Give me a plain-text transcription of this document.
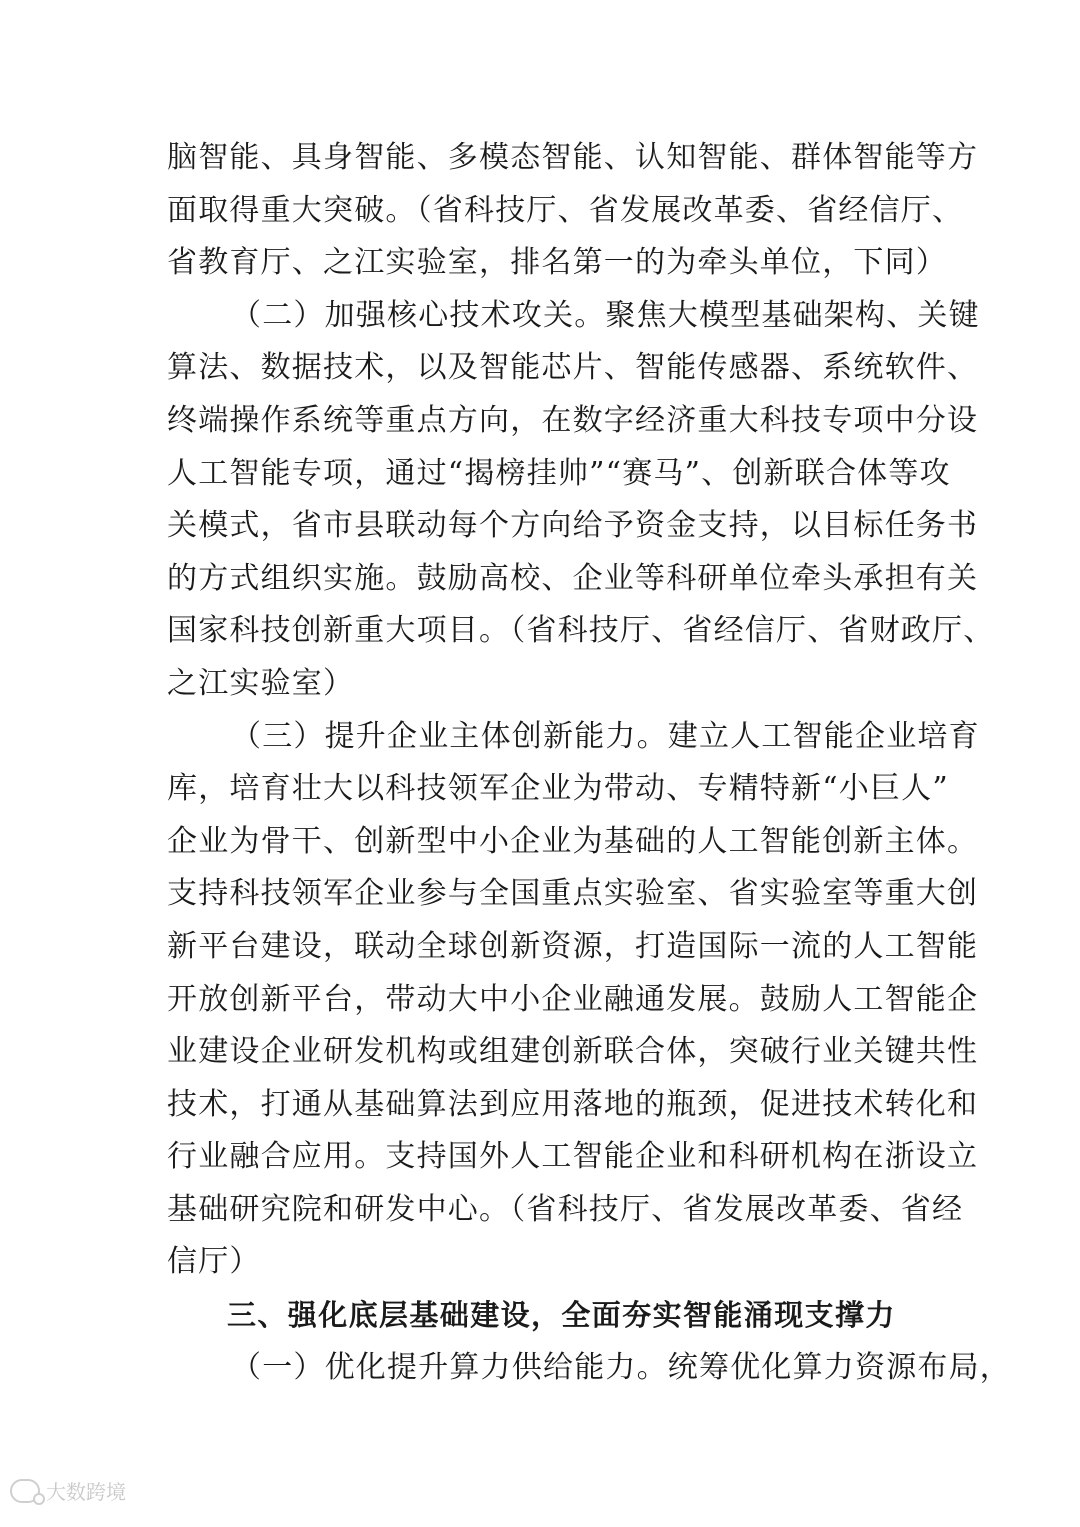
脑智能、具身智能、多模态智能、认知智能、群体智能等方
面取得重大突破。（省科技厅、省发展改革委、省经信厅、
省教育厅、之江实验室，排名第一的为牵头单位，下同）
（二）加强核心技术攻关。聚焦大模型基础架构、关键
算法、数据技术，以及智能芯片、智能传感器、系统软件、
终端操作系统等重点方向，在数字经济重大科技专项中分设
人工智能专项，通过“揭榜挂帅”“赛马”、创新联合体等攻
关模式，省市县联动每个方向给予资金支持，以目标任务书
的方式组织实施。鼓励高校、企业等科研单位牵头承担有关
国家科技创新重大项目。（省科技厅、省经信厅、省财政厅、
之江实验室）
（三）提升企业主体创新能力。建立人工智能企业培育
库，培育壮大以科技领军企业为带动、专精特新“小巨人”
企业为骨干、创新型中小企业为基础的人工智能创新主体。
支持科技领军企业参与全国重点实验室、省实验室等重大创
新平台建设，联动全球创新资源，打造国际一流的人工智能
开放创新平台，带动大中小企业融通发展。鼓励人工智能企
业建设企业研发机构或组建创新联合体，突破行业关键共性
技术，打通从基础算法到应用落地的瓶颈，促进技术转化和
行业融合应用。支持国外人工智能企业和科研机构在浙设立
基础研究院和研发中心。（省科技厅、省发展改革委、省经
信厅）
三、强化底层基础建设，全面夯实智能涌现支撑力
（一）优化提升算力供给能力。统筹优化算力资源布局，
大数跨境
